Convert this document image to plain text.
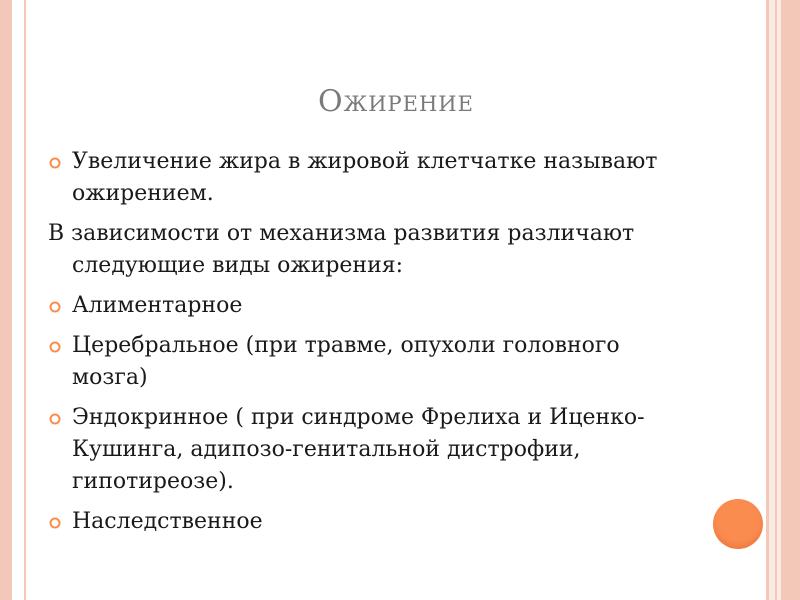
Ожирение
Увеличение жира в жировой клетчатке называют ожирением.
В зависимости от механизма развития различают следующие виды ожирения:
Алиментарное
Церебральное (при травме, опухоли головного мозга)
Эндокринное ( при синдроме Фрелиха и Иценко-Кушинга, адипозо-генитальной дистрофии, гипотиреозе).
Наследственное
